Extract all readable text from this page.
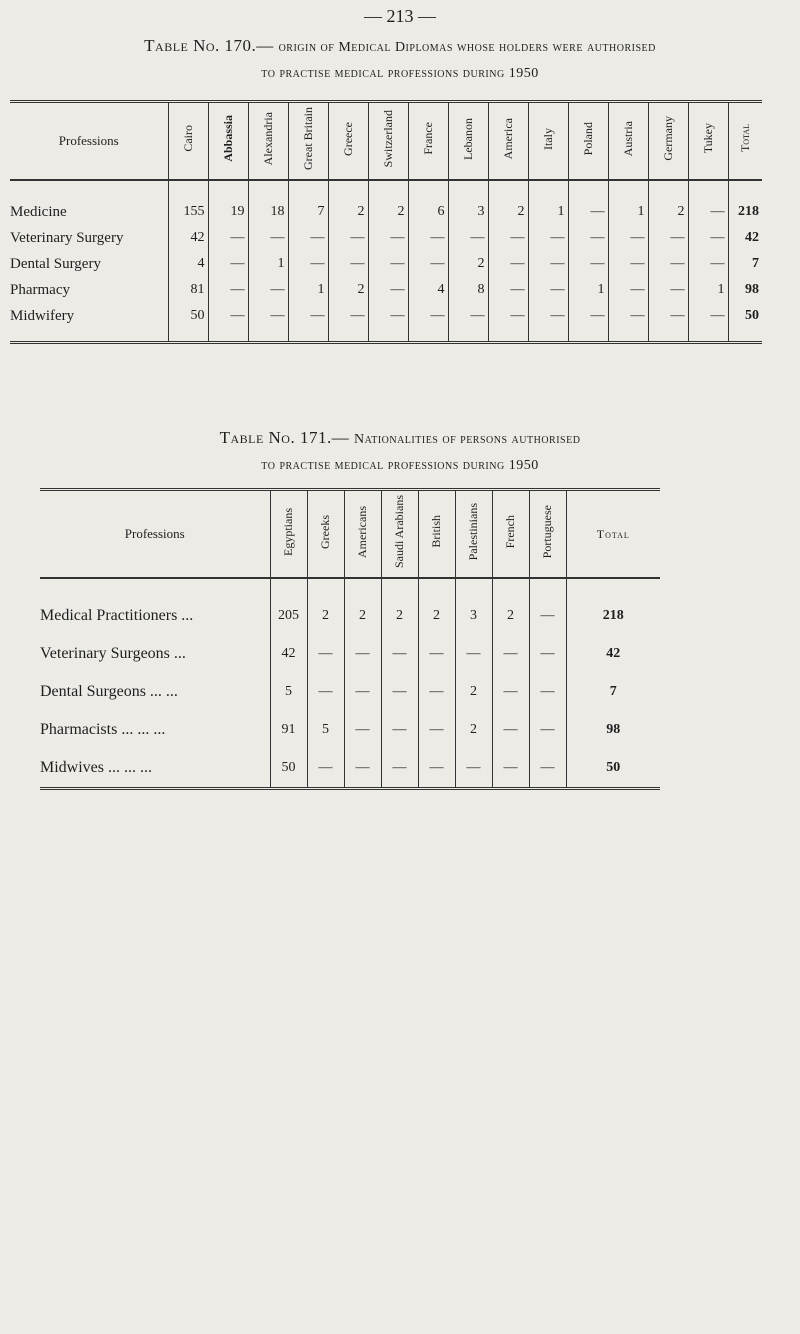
— 213 —
Table No. 170.— origin of Medical Diplomas whose holders were authorised
to practise medical professions during 1950
Professions	Cairo	Abbassia	Alexandria	Great Britain	Greece	Switzerland	France	Lebanon	America	Italy	Poland	Austria	Germany	Tukey	Total
Medicine	155	19	18	7	2	2	6	3	2	1	—	1	2	—	218
Veterinary Surgery	42	—	—	—	—	—	—	—	—	—	—	—	—	—	42
Dental Surgery	4	—	1	—	—	—	—	2	—	—	—	—	—	—	7
Pharmacy	81	—	—	1	2	—	4	8	—	—	1	—	—	1	98
Midwifery	50	—	—	—	—	—	—	—	—	—	—	—	—	—	50
Table No. 171.— Nationalities of persons authorised
to practise medical professions during 1950
Professions	Egyptians	Greeks	Americans	Saudi Arabians	British	Palestinians	French	Portuguese	Total
Medical Practitioners ...	205	2	2	2	2	3	2	—	218
Veterinary Surgeons ...	42	—	—	—	—	—	—	—	42
Dental Surgeons ... ...	5	—	—	—	—	2	—	—	7
Pharmacists ... ... ...	91	5	—	—	—	2	—	—	98
Midwives ... ... ...	50	—	—	—	—	—	—	—	50
